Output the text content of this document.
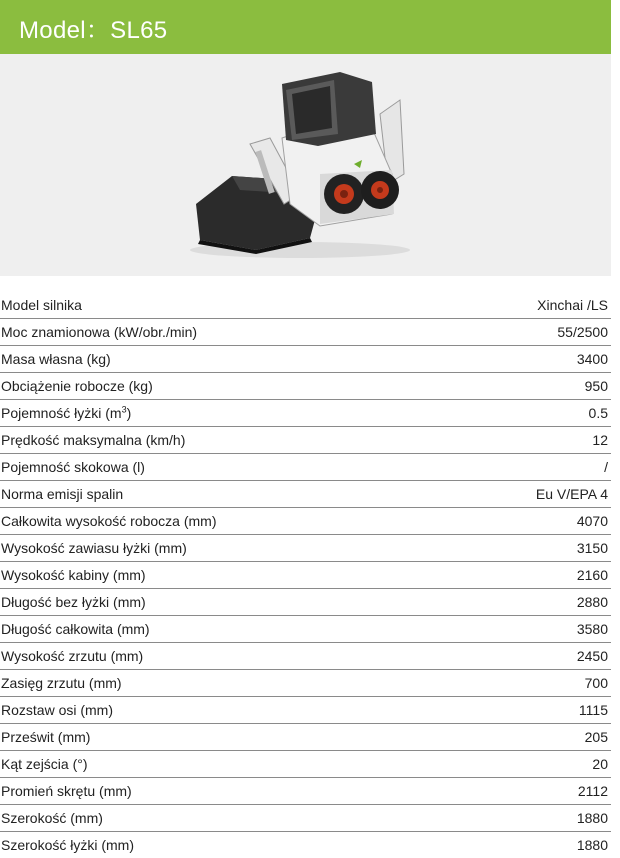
Model：SL65
Model silnika	Xinchai /LS
Moc znamionowa (kW/obr./min)	55/2500
Masa własna (kg)	3400
Obciążenie robocze (kg)	950
Pojemność łyżki $(m^3)$	0.5
Prędkość maksymalna (km/h)	12
Pojemność skokowa (l)	/
Norma emisji spalin	Eu V/EPA 4
Całkowita wysokość robocza (mm)	4070
Wysokość zawiasu łyżki (mm)	3150
Wysokość kabiny (mm)	2160
Długość bez łyżki (mm)	2880
Długość całkowita (mm)	3580
Wysokość zrzutu (mm)	2450
Zasięg zrzutu (mm)	700
Rozstaw osi (mm)	1115
Prześwit (mm)	205
Kąt zejścia (°)	20
Promień skrętu (mm)	2112
Szerokość (mm)	1880
Szerokość łyżki (mm)	1880
